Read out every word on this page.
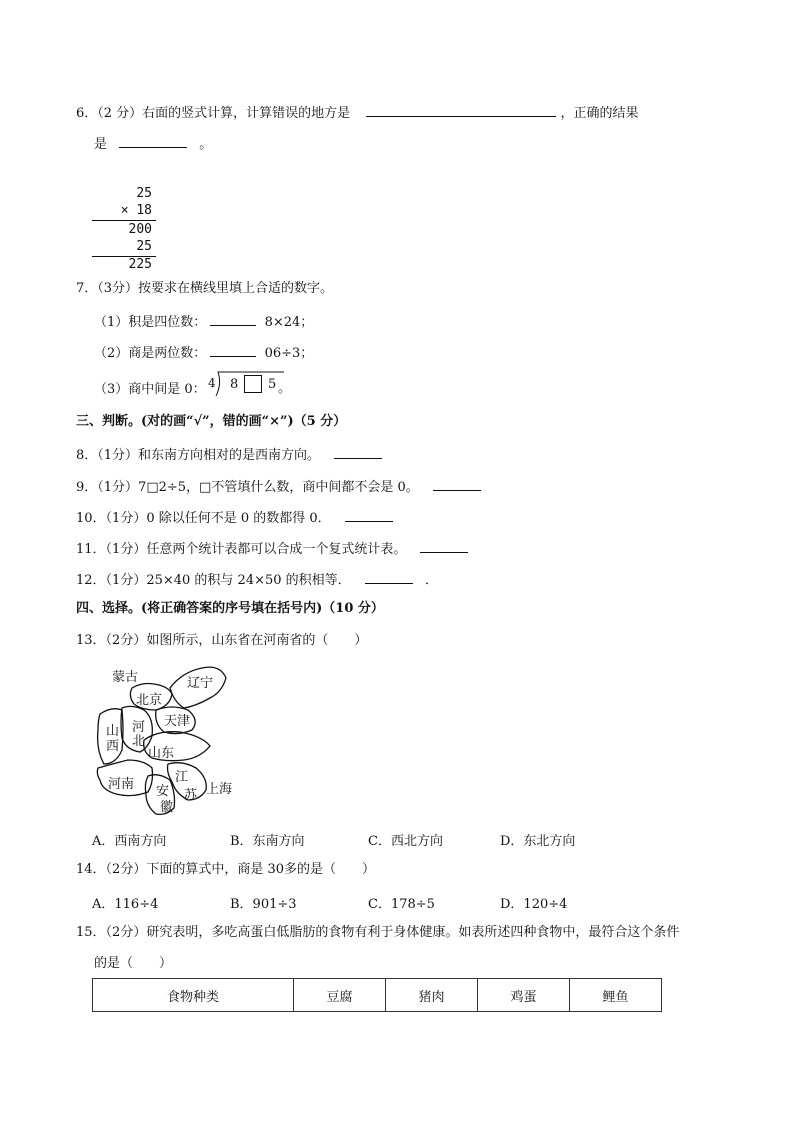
6．（2 分）右面的竖式计算，计算错误的地方是	，正确的结果
是	。
25
× 18
200
25
225
7．（3分）按要求在横线里填上合适的数字。
（1）积是四位数：	8×24；
（2）商是两位数：	06÷3；
（3）商中间是 0： 4 8 5 。
三、判断。(对的画“√”，错的画“×”)（5 分）
8．（1分）和东南方向相对的是西南方向。
9．（1分）7□2÷5，□不管填什么数，商中间都不会是 0。
10．（1分）0 除以任何不是 0 的数都得 0．
11．（1分）任意两个统计表都可以合成一个复式统计表。
12．（1分）25×40 的积与 24×50 的积相等．	．
四、选择。(将正确答案的序号填在括号内)（10 分）
13．（2分）如图所示，山东省在河南省的（　　）
蒙古	辽宁
北京
天津
山
西
河
北
山东
河南	江
苏
安
徽
上海
A．西南方向	B．东南方向	C．西北方向	D．东北方向
14．（2分）下面的算式中，商是 30多的是（　　）
A．116÷4	B．901÷3	C．178÷5	D．120÷4
15．（2分）研究表明，多吃高蛋白低脂肪的食物有利于身体健康。如表所述四种食物中，最符合这个条件
的是（　　）
食物种类	豆腐	猪肉	鸡蛋	鲤鱼
